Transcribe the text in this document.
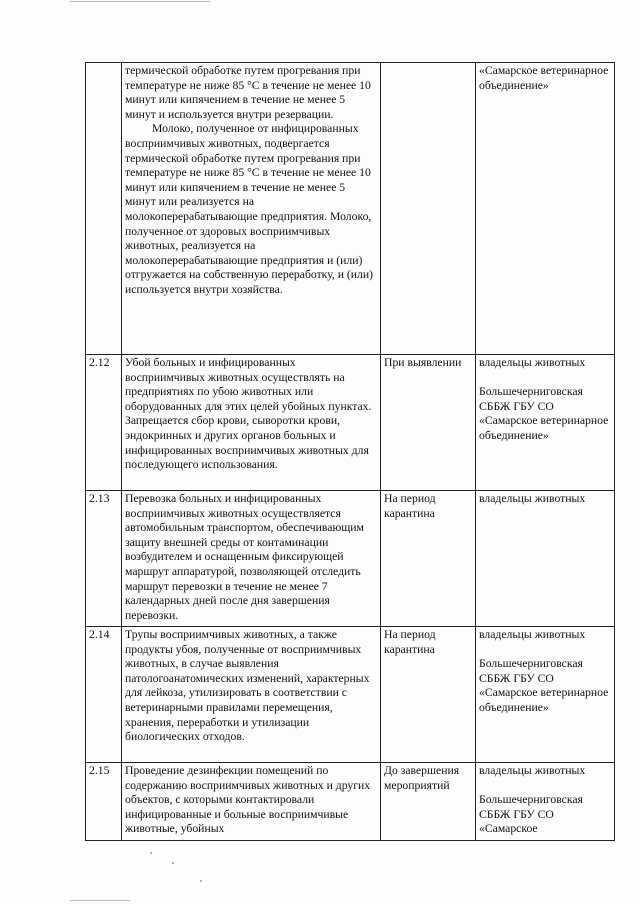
	термической обработке путем прогревания при температуре не ниже 85 °С в течение не менее 10 минут или кипячением в течение не менее 5 минут и используется внутри резервации.
Молоко, полученное от инфицированных восприимчивых животных, подвергается термической обработке путем прогревания при температуре не ниже 85 °С в течение не менее 10 минут или кипячением в течение не менее 5 минут или реализуется на молокоперерабатывающие предприятия. Молоко, полученное от здоровых восприимчивых животных, реализуется на молокоперерабатывающие предприятия и (или) отгружается на собственную переработку, и (или) используется внутри хозяйства.		«Самарское ветеринарное объединение»

2.12	Убой больных и инфицированных восприимчивых животных осуществлять на предприятиях по убою животных или оборудованных для этих целей убойных пунктах. Запрещается сбор крови, сыворотки крови, эндокринных и других органов больных и инфицированных восприимчивых животных для последующего использования.	При выявлении	владельцы животных
Большечерниговская СББЖ ГБУ СО «Самарское ветеринарное объединение»

2.13	Перевозка больных и инфицированных восприимчивых животных осуществляется автомобильным транспортом, обеспечивающим защиту внешней среды от контаминации возбудителем и оснащенным фиксирующей маршрут аппаратурой, позволяющей отследить маршрут перевозки в течение не менее 7 календарных дней после дня завершения перевозки.	На период карантина	владельцы животных

2.14	Трупы восприимчивых животных, а также продукты убоя, полученные от восприимчивых животных, в случае выявления патологоанатомических изменений, характерных для лейкоза, утилизировать в соответствии с ветеринарными правилами перемещения, хранения, переработки и утилизации биологических отходов.	На период карантина	владельцы животных
Большечерниговская СББЖ ГБУ СО «Самарское ветеринарное объединение»

2.15	Проведение дезинфекции помещений по содержанию восприимчивых животных и других объектов, с которыми контактировали инфицированные и больные восприимчивые животные, убойных	До завершения мероприятий	владельцы животных
Большечерниговская СББЖ ГБУ СО «Самарское
